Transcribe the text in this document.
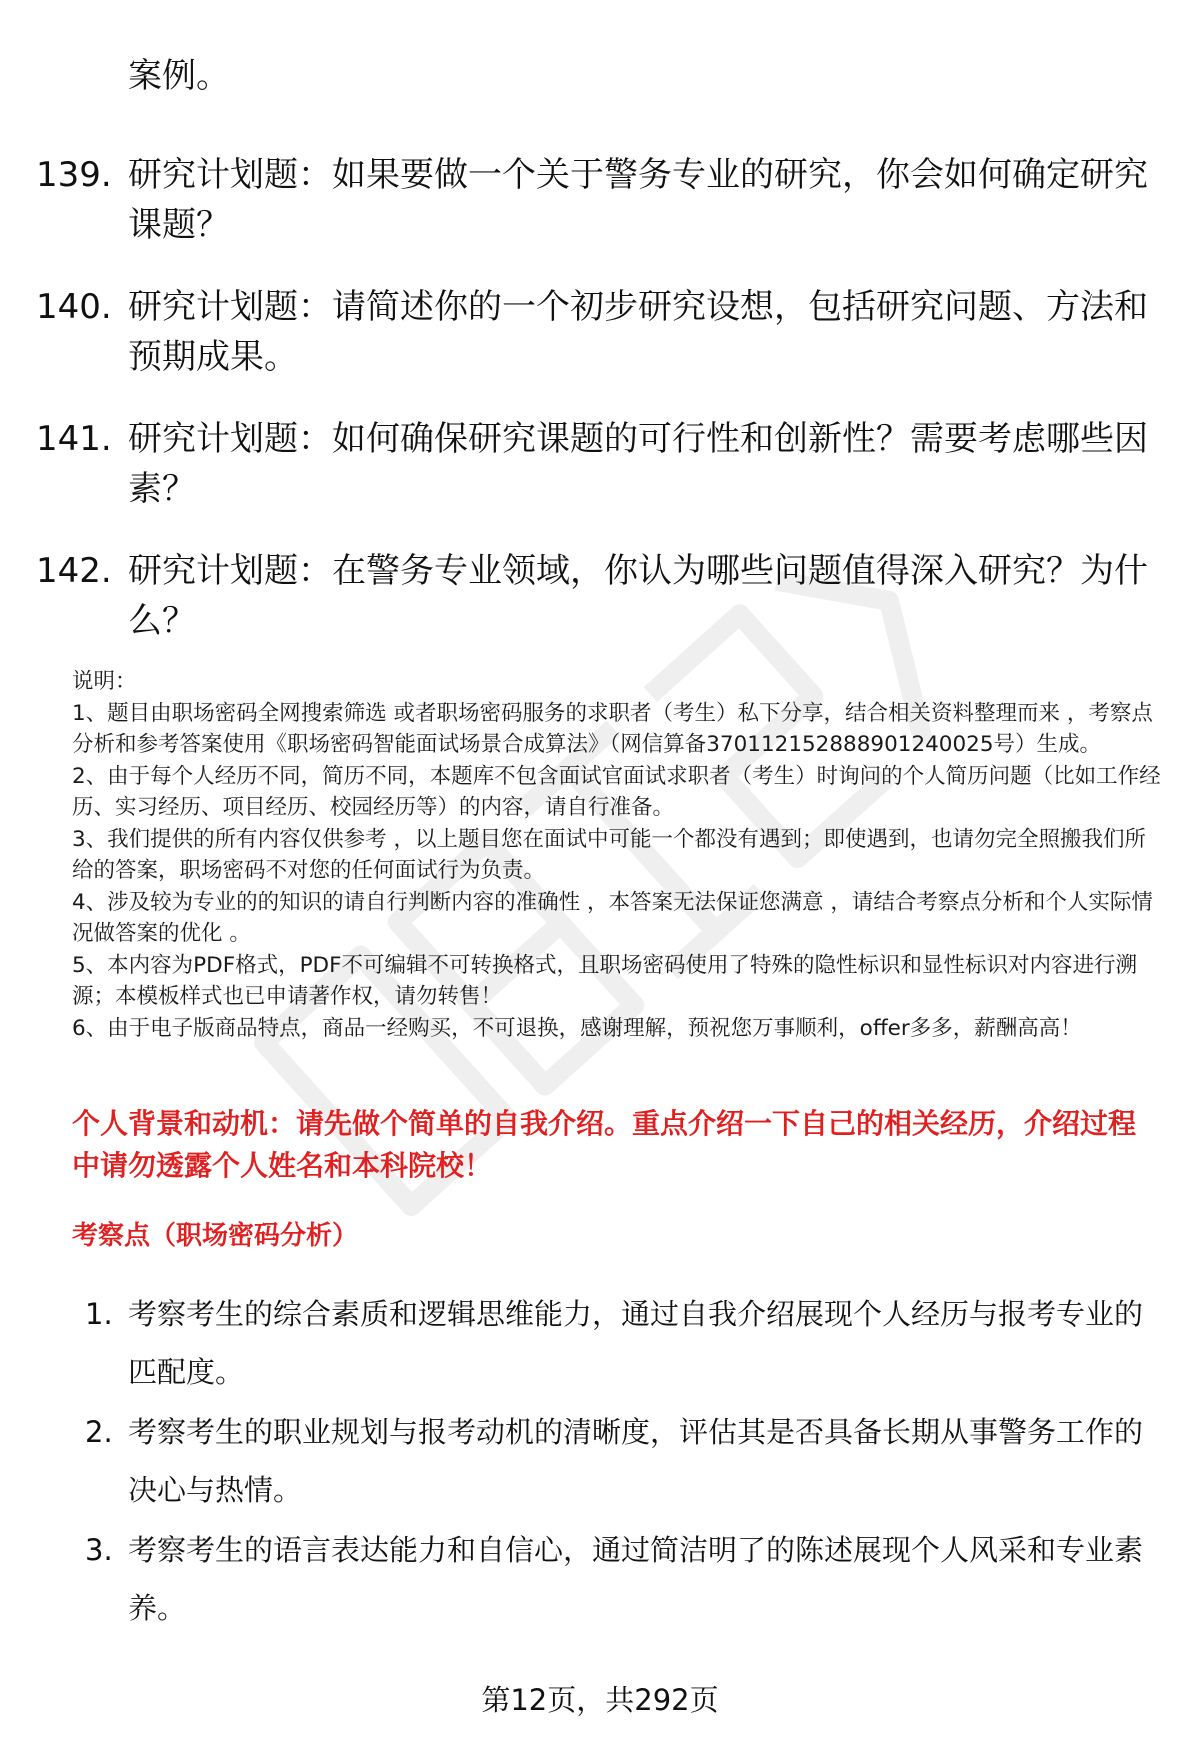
案例。
139. 研究计划题：如果要做一个关于警务专业的研究，你会如何确定研究课题？
140. 研究计划题：请简述你的一个初步研究设想，包括研究问题、方法和预期成果。
141. 研究计划题：如何确保研究课题的可行性和创新性？需要考虑哪些因素？
142. 研究计划题：在警务专业领域，你认为哪些问题值得深入研究？为什么？

说明：

1、题目由职场密码全网搜索筛选 或者职场密码服务的求职者（考生）私下分享，结合相关资料整理而来 ，考察点分析和参考答案使用《职场密码智能面试场景合成算法》（网信算备370112152888901240025号）生成。

2、由于每个人经历不同，简历不同，本题库不包含面试官面试求职者（考生）时询问的个人简历问题（比如工作经历、实习经历、项目经历、校园经历等）的内容，请自行准备。

3、我们提供的所有内容仅供参考 ，以上题目您在面试中可能一个都没有遇到；即使遇到，也请勿完全照搬我们所给的答案，职场密码不对您的任何面试行为负责。

4、涉及较为专业的的知识的请自行判断内容的准确性 ，本答案无法保证您满意 ，请结合考察点分析和个人实际情况做答案的优化 。

5、本内容为PDF格式，PDF不可编辑不可转换格式，且职场密码使用了特殊的隐性标识和显性标识对内容进行溯源；本模板样式也已申请著作权，请勿转售！

6、由于电子版商品特点，商品一经购买，不可退换，感谢理解，预祝您万事顺利，offer多多，薪酬高高！

个人背景和动机：请先做个简单的自我介绍。重点介绍一下自己的相关经历，介绍过程中请勿透露个人姓名和本科院校！
考察点（职场密码分析）
1. 考察考生的综合素质和逻辑思维能力，通过自我介绍展现个人经历与报考专业的匹配度。
2. 考察考生的职业规划与报考动机的清晰度，评估其是否具备长期从事警务工作的决心与热情。
3. 考察考生的语言表达能力和自信心，通过简洁明了的陈述展现个人风采和专业素养。
第12页，共292页
